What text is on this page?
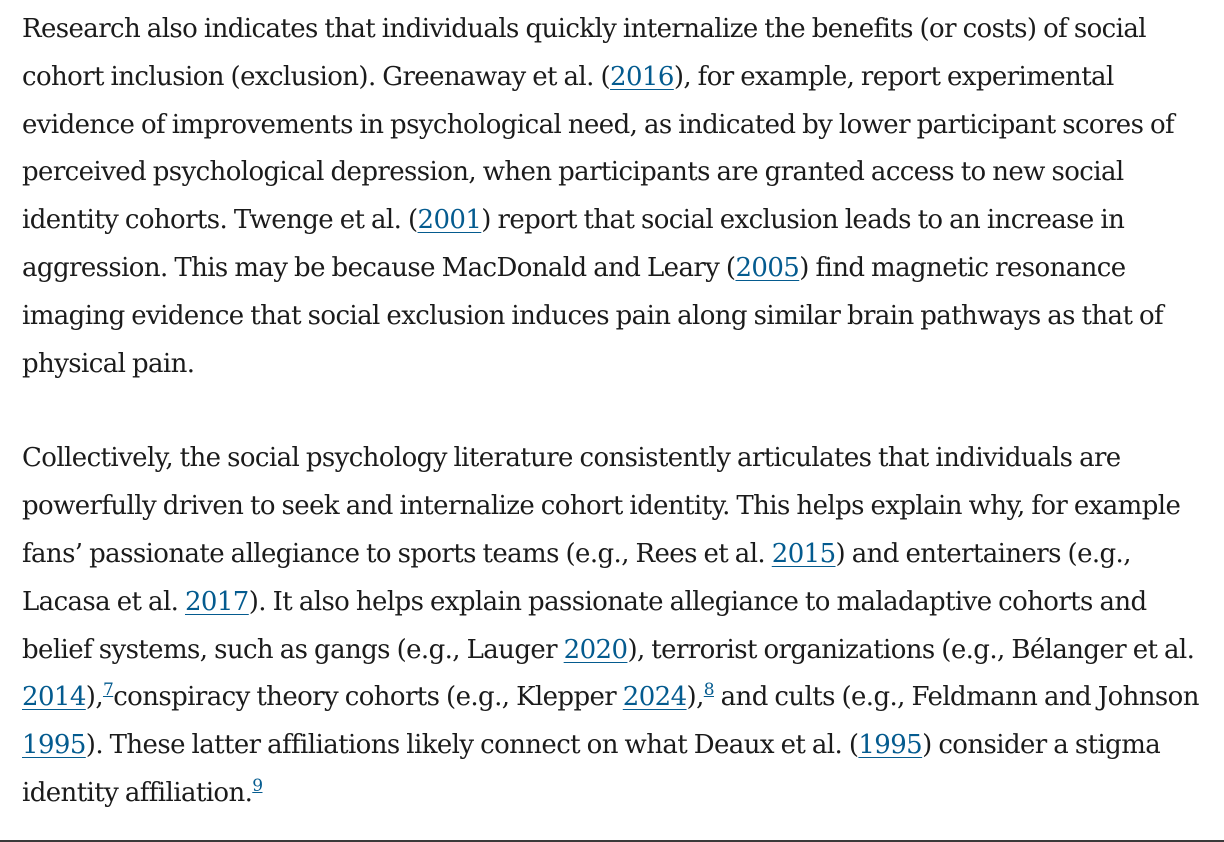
Research also indicates that individuals quickly internalize the benefits (or costs) of social cohort inclusion (exclusion). Greenaway et al. (2016), for example, report experimental evidence of improvements in psychological need, as indicated by lower participant scores of perceived psychological depression, when participants are granted access to new social identity cohorts. Twenge et al. (2001) report that social exclusion leads to an increase in aggression. This may be because MacDonald and Leary (2005) find magnetic resonance imaging evidence that social exclusion induces pain along similar brain pathways as that of physical pain.

Collectively, the social psychology literature consistently articulates that individuals are powerfully driven to seek and internalize cohort identity. This helps explain why, for example fans’ passionate allegiance to sports teams (e.g., Rees et al. 2015) and entertainers (e.g., Lacasa et al. 2017). It also helps explain passionate allegiance to maladaptive cohorts and belief systems, such as gangs (e.g., Lauger 2020), terrorist organizations (e.g., Bélanger et al. 2014),$^7$conspiracy theory cohorts (e.g., Klepper 2024),$^8$ and cults (e.g., Feldmann and Johnson 1995). These latter affiliations likely connect on what Deaux et al. (1995) consider a stigma identity affiliation.$^9$
